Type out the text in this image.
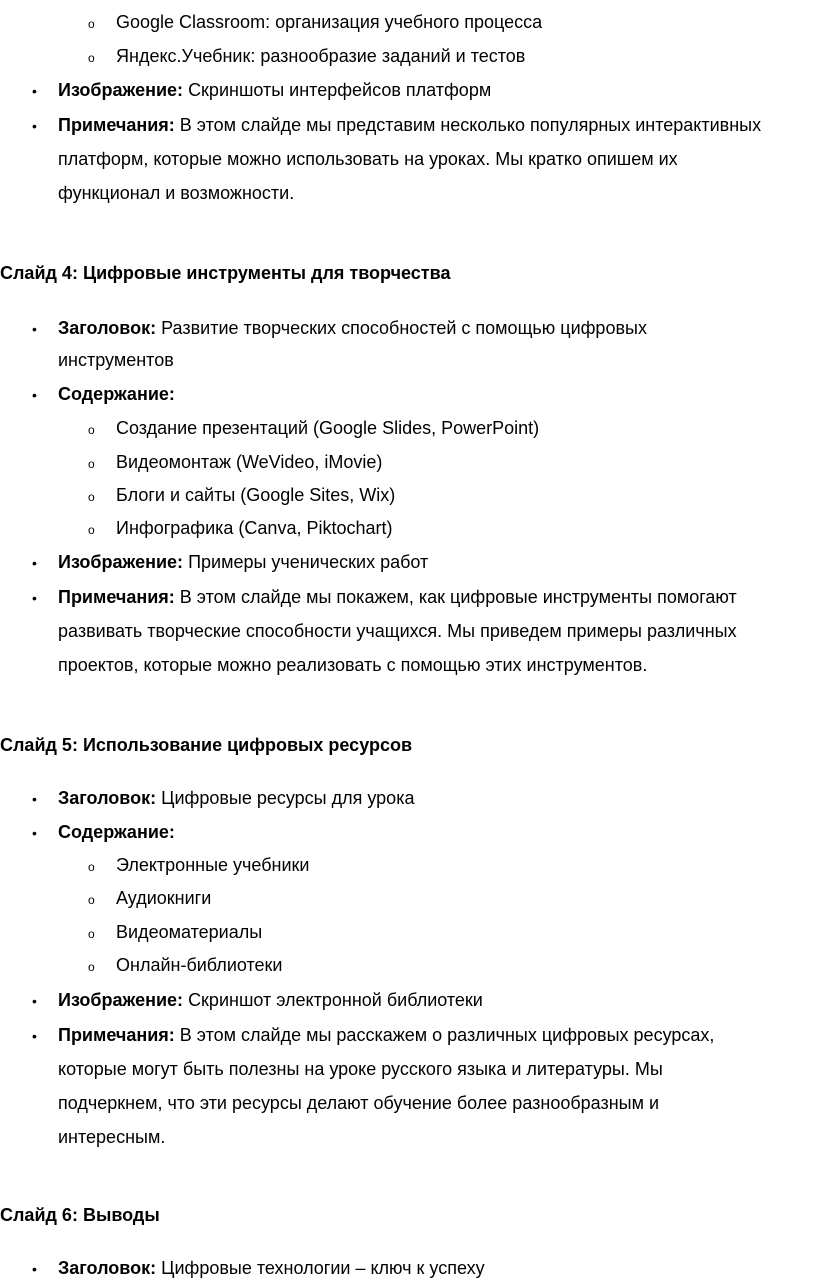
o Google Classroom: организация учебного процесса
o Яндекс.Учебник: разнообразие заданий и тестов
• Изображение: Скриншоты интерфейсов платформ
• Примечания: В этом слайде мы представим несколько популярных интерактивных
платформ, которые можно использовать на уроках. Мы кратко опишем их
функционал и возможности.
Слайд 4: Цифровые инструменты для творчества
• Заголовок: Развитие творческих способностей с помощью цифровых
инструментов
• Содержание:
o Создание презентаций (Google Slides, PowerPoint)
o Видеомонтаж (WeVideo, iMovie)
o Блоги и сайты (Google Sites, Wix)
o Инфографика (Canva, Piktochart)
• Изображение: Примеры ученических работ
• Примечания: В этом слайде мы покажем, как цифровые инструменты помогают
развивать творческие способности учащихся. Мы приведем примеры различных
проектов, которые можно реализовать с помощью этих инструментов.
Слайд 5: Использование цифровых ресурсов
• Заголовок: Цифровые ресурсы для урока
• Содержание:
o Электронные учебники
o Аудиокниги
o Видеоматериалы
o Онлайн-библиотеки
• Изображение: Скриншот электронной библиотеки
• Примечания: В этом слайде мы расскажем о различных цифровых ресурсах,
которые могут быть полезны на уроке русского языка и литературы. Мы
подчеркнем, что эти ресурсы делают обучение более разнообразным и
интересным.
Слайд 6: Выводы
• Заголовок: Цифровые технологии – ключ к успеху
